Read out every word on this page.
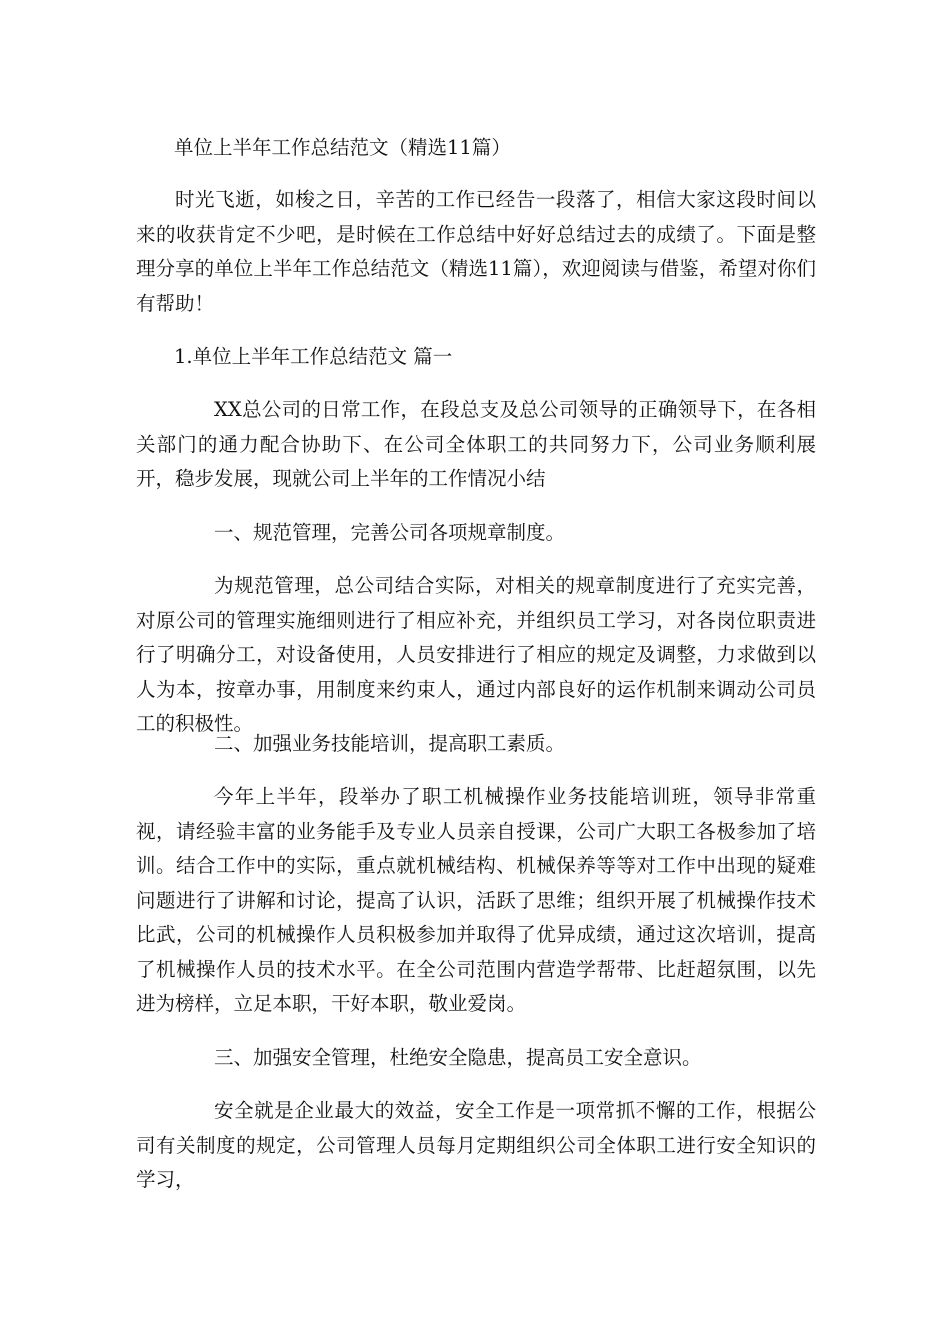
单位上半年工作总结范文（精选11篇）
时光飞逝，如梭之日，辛苦的工作已经告一段落了，相信大家这段时间以来的收获肯定不少吧，是时候在工作总结中好好总结过去的成绩了。下面是整理分享的单位上半年工作总结范文（精选11篇），欢迎阅读与借鉴，希望对你们有帮助！
1.单位上半年工作总结范文 篇一
XX总公司的日常工作，在段总支及总公司领导的正确领导下，在各相关部门的通力配合协助下、在公司全体职工的共同努力下，公司业务顺利展开，稳步发展，现就公司上半年的工作情况小结
一、规范管理，完善公司各项规章制度。
为规范管理，总公司结合实际，对相关的规章制度进行了充实完善，对原公司的管理实施细则进行了相应补充，并组织员工学习，对各岗位职责进行了明确分工，对设备使用，人员安排进行了相应的规定及调整，力求做到以人为本，按章办事，用制度来约束人，通过内部良好的运作机制来调动公司员工的积极性。
二、加强业务技能培训，提高职工素质。
今年上半年，段举办了职工机械操作业务技能培训班，领导非常重视，请经验丰富的业务能手及专业人员亲自授课，公司广大职工各极参加了培训。结合工作中的实际，重点就机械结构、机械保养等等对工作中出现的疑难问题进行了讲解和讨论，提高了认识，活跃了思维；组织开展了机械操作技术比武，公司的机械操作人员积极参加并取得了优异成绩，通过这次培训，提高了机械操作人员的技术水平。在全公司范围内营造学帮带、比赶超氛围，以先进为榜样，立足本职，干好本职，敬业爱岗。
三、加强安全管理，杜绝安全隐患，提高员工安全意识。
安全就是企业最大的效益，安全工作是一项常抓不懈的工作，根据公司有关制度的规定，公司管理人员每月定期组织公司全体职工进行安全知识的学习，
